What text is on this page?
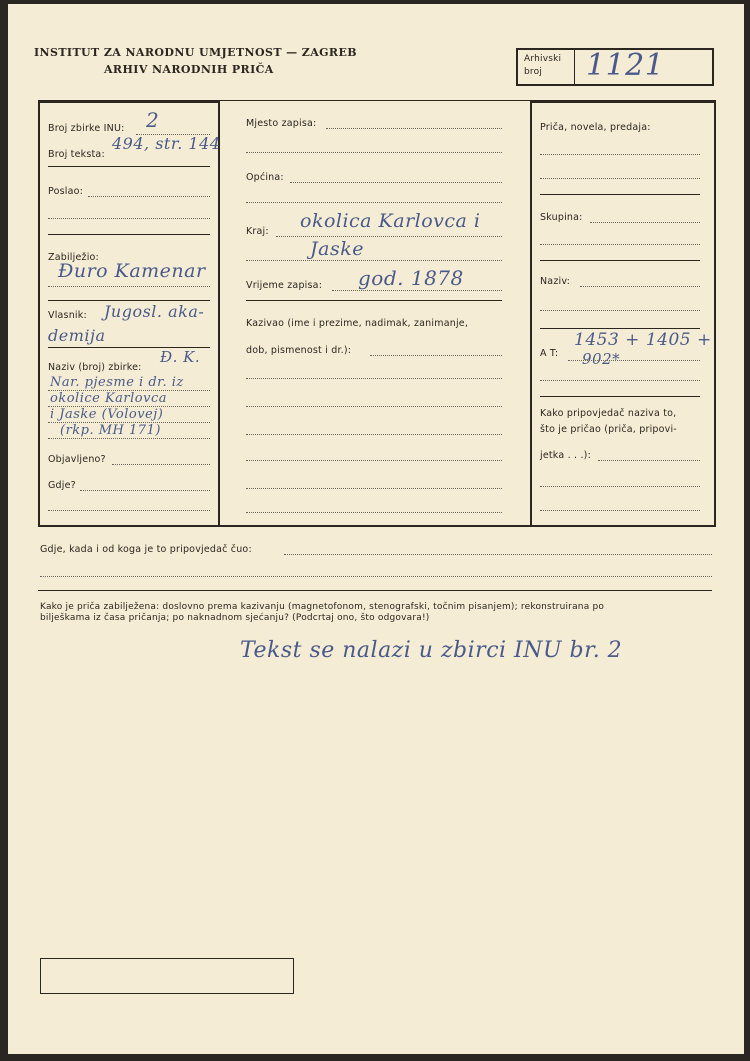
INSTITUT ZA NARODNU UMJETNOST — ZAGREB
ARHIV NARODNIH PRIČA
Arhivski
broj 1121
Broj zbirke INU: 2
Broj teksta:
494, str. 144
Poslao:
Zabilježio:
Đuro Kamenar
Vlasnik: Jugosl. aka-
demija
Naziv (broj) zbirke:
Đ. K.
Nar. pjesme i dr. iz
okolice Karlovca
i Jaske (Volovej)
(rkp. MH 171)
Objavljeno?
Gdje?
Mjesto zapisa:
Općina:
okolica Karlovca i
Kraj:
Jaske
Vrijeme zapisa: god. 1878
Kazivao (ime i prezime, nadimak, zanimanje,
dob, pismenost i dr.):
Priča, novela, predaja:
Skupina:
Naziv:
A T:
1453 + 1405 +
902*
Kako pripovjedač naziva to,
što je pričao (priča, pripovi-
jetka . . .):
Gdje, kada i od koga je to pripovjedač čuo:
Kako je priča zabilježena: doslovno prema kazivanju (magnetofonom, stenografski, točnim pisanjem); rekonstruirana po
bilješkama iz časa pričanja; po naknadnom sjećanju? (Podcrtaj ono, što odgovara!)
Tekst se nalazi u zbirci INU br. 2
